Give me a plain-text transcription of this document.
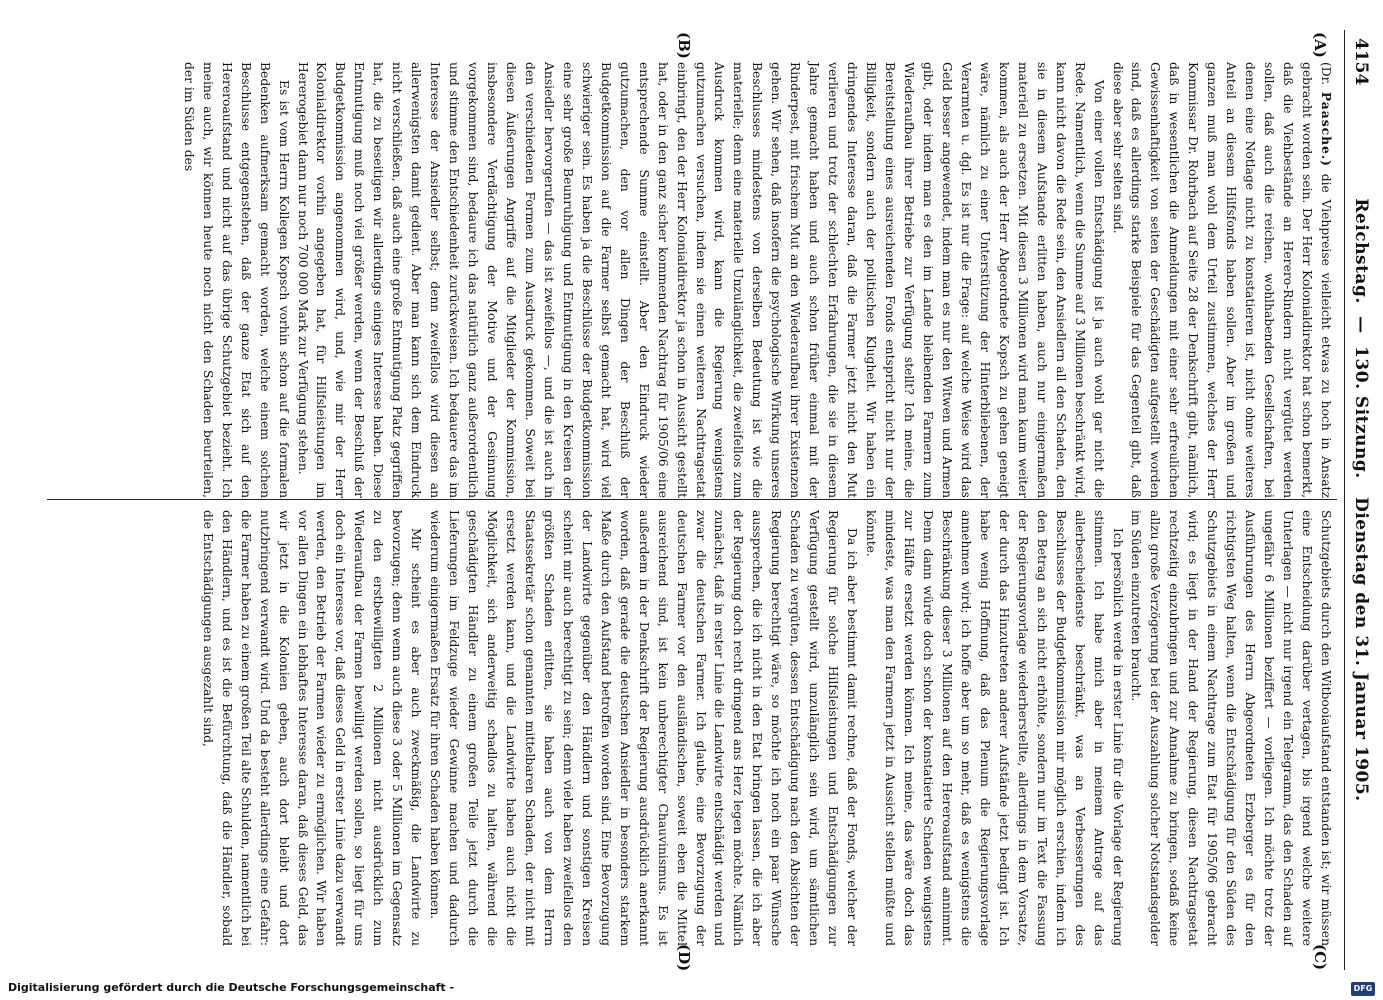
4154
Reichstag. — 130. Sitzung. Dienstag den 31. Januar 1905.
(A)
(B)
(C)
(D)

(Dr. Paasche.) die Viehpreise vielleicht etwas zu hoch in Ansatz gebracht worden sein. Der Herr Kolonialdirektor hat schon bemerkt, daß die Viehbestände an Herero-Rindern nicht vergütet werden sollen, daß auch die reichen, wohlhabenden Gesellschaften, bei denen eine Notlage nicht zu konstatieren ist, nicht ohne weiteres Anteil an diesem Hilfsfonds haben sollen. Aber im großen und ganzen muß man wohl dem Urteil zustimmen, welches der Herr Kommissar Dr. Rohrbach auf Seite 28 der Denkschrift gibt, nämlich, daß in wesentlichen die Anmeldungen mit einer sehr erfreulichen Gewissenhaftigkeit von seiten der Geschädigten aufgestellt worden sind, daß es allerdings starke Beispiele für das Gegenteil gibt, daß diese aber sehr selten sind.

Von einer vollen Entschädigung ist ja auch wohl gar nicht die Rede. Namentlich, wenn die Summe auf 3 Millionen beschränkt wird, kann nicht davon die Rede sein, den Ansiedlern all den Schaden, den sie in diesem Aufstande erlitten haben, auch nur einigermaßen materiell zu ersetzen. Mit diesen 3 Millionen wird man kaum weiter kommen, als auch der Herr Abgeordnete Kopsch zu gehen geneigt wäre, nämlich zu einer Unterstützung der Hinterbliebenen, der Verarmten u. dgl. Es ist nur die Frage: auf welche Weise wird das Geld besser angewendet, indem man es nur den Witwen und Armen gibt, oder indem man es den im Lande bleibenden Farmern zum Wiederaufbau ihrer Betriebe zur Verfügung stellt? Ich meine, die Bereitstellung eines ausreichenden Fonds entspricht nicht nur der Billigkeit, sondern auch der politischen Klugheit. Wir haben ein dringendes Interesse daran, daß die Farmer jetzt nicht den Mut verlieren und trotz der schlechten Erfahrungen, die sie in diesem Jahre gemacht haben und auch schon früher einmal mit der Rinderpest, mit frischem Mut an den Wiederaufbau ihrer Existenzen gehen. Wir sehen, daß insofern die psychologische Wirkung unseres Beschlusses mindestens von derselben Bedeutung ist wie die materielle; denn eine materielle Unzulänglichkeit, die zweifellos zum Ausdruck kommen wird, kann die Regierung wenigstens gutzumachen versuchen, indem sie einen weiteren Nachtragsetat einbringt, den der Herr Kolonialdirektor ja schon in Aussicht gestellt hat, oder in den ganz sicher kommenden Nachtrag für 1905/06 eine entsprechende Summe einstellt. Aber den Eindruck wieder gutzumachen, den vor allen Dingen der Beschluß der Budgetkommission auf die Farmer selbst gemacht hat, wird viel schwieriger sein. Es haben ja die Beschlüsse der Budgetkommission eine sehr große Beunruhigung und Entmutigung in den Kreisen der Ansiedler hervorgerufen — das ist zweifellos —, und die ist auch in den verschiedenen Formen zum Ausdruck gekommen. Soweit bei diesen Äußerungen Angriffe auf die Mitglieder der Kommission, insbesondere Verdächtigung der Motive und der Gesinnung vorgekommen sind, bedaure ich das natürlich ganz außerordentlich und stimme den Entschiedenheit zurückweisen. Ich bedauere das im Interesse der Ansiedler selbst; denn zweifellos wird diesen an allerwenigsten damit gedient. Aber man kann sich dem Eindruck nicht verschließen, daß auch eine große Entmutigung Platz gegriffen hat, die zu beseitigen wir allerdings einiges Interesse haben. Diese Entmutigung muß noch viel größer werden, wenn der Beschluß der Budgetkommission angenommen wird, und, wie mir der Herr Kolonialdirektor vorhin angegeben hat, für Hilfsleistungen im Hererogebiet dann nur noch 700 000 Mark zur Verfügung stehen.

Es ist vom Herrn Kollegen Kopsch vorhin schon auf die formalen Bedenken aufmerksam gemacht worden, welche einem solchen Beschlusse entgegenstehen, daß der ganze Etat sich auf den Hereroaufstand und nicht auf das übrige Schutzgebiet bezieht. Ich meine auch, wir können heute noch nicht den Schaden beurteilen, der im Süden des

Schutzgebiets durch den Witbooiaufstand entstanden ist; wir müssen eine Entscheidung darüber vertagen, bis irgend welche weitere Unterlagen — nicht nur irgend ein Telegramm, das den Schaden auf ungefähr 6 Millionen beziffert — vorliegen. Ich möchte trotz der Ausführungen des Herrn Abgeordneten Erzberger es für den richtigsten Weg halten, wenn die Entschädigung für den Süden des Schutzgebiets in einem Nachtrage zum Etat für 1905/06 gebracht wird; es liegt in der Hand der Regierung, diesen Nachtragsetat rechtzeitig einzubringen und zur Annahme zu bringen, sodaß keine allzu große Verzögerung bei der Auszahlung solcher Notstandsgelder im Süden einzutreten braucht.

Ich persönlich werde in erster Linie für die Vorlage der Regierung stimmen. Ich habe mich aber in meinem Antrage auf das allerbescheidenste beschränkt, was an Verbesserungen des Beschlusses der Budgetkommission mir möglich erschien, indem ich den Betrag an sich nicht erhöhte, sondern nur im Text die Fassung der Regierungsvorlage wiederherstellte, allerdings in dem Vorsatze, der durch das Hinzutreten anderer Aufstände jetzt bedingt ist. Ich habe wenig Hoffnung, daß das Plenum die Regierungsvorlage annehmen wird; ich hoffe aber um so mehr, daß es wenigstens die Beschränkung dieser 3 Millionen auf den Hereroaufstand annimmt. Denn dann würde doch schon der konstatierte Schaden wenigstens zur Hälfte ersetzt werden können. Ich meine, das wäre doch das mindeste, was man den Farmern jetzt in Aussicht stellen müßte und könnte.

Da ich aber bestimmt damit rechne, daß der Fonds, welcher der Regierung für solche Hilfsleistungen und Entschädigungen zur Verfügung gestellt wird, unzulänglich sein wird, um sämtlichen Schaden zu vergüten, dessen Entschädigung nach den Absichten der Regierung berechtigt wäre, so möchte ich noch ein paar Wünsche aussprechen, die ich nicht in den Etat bringen lassen, die ich aber der Regierung doch recht dringend ans Herz legen möchte. Nämlich zunächst, daß in erster Linie die Landwirte entschädigt werden und zwar die deutschen Farmer. Ich glaube, eine Bevorzugung der deutschen Farmer vor den ausländischen, soweit eben die Mittel ausreichend sind, ist kein unberechtigter Chauvinismus. Es ist außerdem in der Denkschrift der Regierung ausdrücklich anerkannt worden, daß gerade die deutschen Ansiedler in besonders starkem Maße durch den Aufstand betroffen worden sind. Eine Bevorzugung der Landwirte gegenüber den Händlern und sonstigen Kreisen scheint mir auch berechtigt zu sein; denn viele haben zweifellos den größten Schaden erlitten, sie haben auch von dem Herrn Staatssekretär schon genannten mittelbaren Schaden, der nicht mit ersetzt werden kann, und die Landwirte haben auch nicht die Möglichkeit, sich anderweitig schadlos zu halten, während die geschädigten Händler zu einem großen Teile jetzt durch die Lieferungen im Feldzuge wieder Gewinne machen und dadurch wiederum einigermaßen Ersatz für ihren Schaden haben können.

Mir scheint es aber auch zweckmäßig, die Landwirte zu bevorzugen; denn wenn auch diese 3 oder 5 Millionen im Gegensatz zu den erstbewilligten 2 Millionen nicht ausdrücklich zum Wiederaufbau der Farmen bewilligt werden sollen, so liegt für uns doch ein Interesse vor, daß dieses Geld in erster Linie dazu verwandt werden, den Betrieb der Farmen wieder zu ermöglichen. Wir haben vor allen Dingen ein lebhaftes Interesse daran, daß dieses Geld, das wir jetzt in die Kolonien geben, auch dort bleibt und dort nutzbringend verwandt wird. Und da besteht allerdings eine Gefahr: die Farmer haben zu einem großen Teil alte Schulden, namentlich bei den Händlern, und es ist die Befürchtung, daß die Händler, sobald die Entschädigungen ausgezahlt sind,

Digitalisierung gefördert durch die Deutsche Forschungsgemeinschaft -	DFG
